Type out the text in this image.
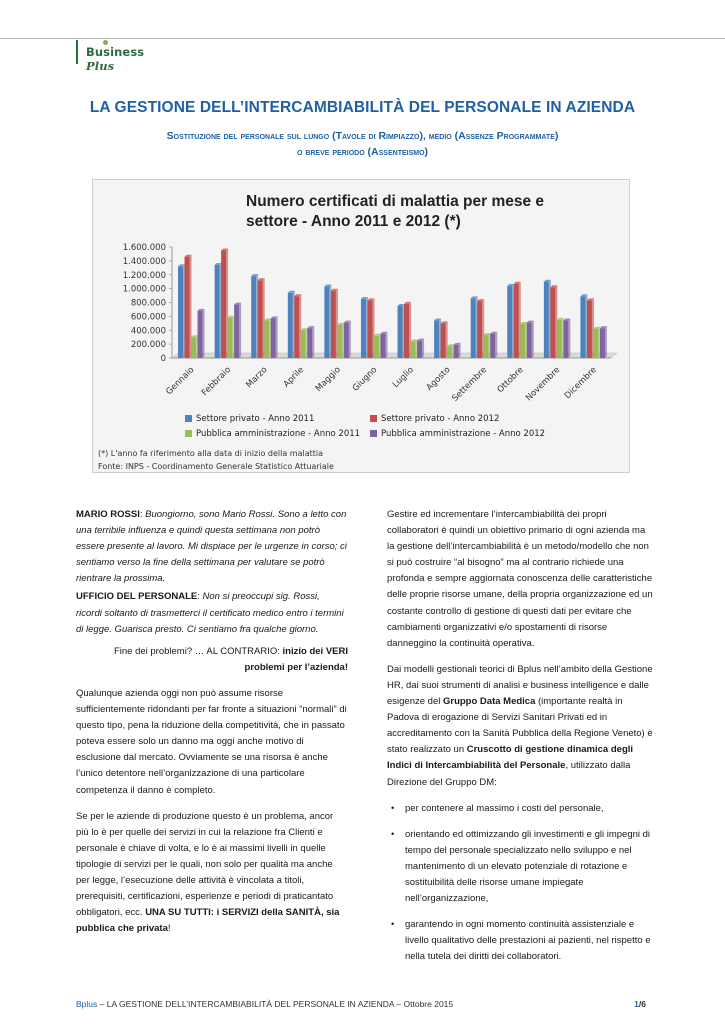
Business Plus
LA GESTIONE DELL’INTERCAMBIABILITÀ DEL PERSONALE IN AZIENDA
Sostituzione del personale sul lungo (Tavole di Rimpiazzo), medio (Assenze Programmate)
o breve periodo (Assenteismo)
Numero certificati di malattia per mese e
settore - Anno 2011 e 2012 (*)
1.600.000
1.400.000
1.200.000
1.000.000
800.000
600.000
400.000
200.000
0
Gennaio Febbraio Marzo Aprile Maggio Giugno Luglio Agosto
Settembre Ottobre
Novembre Dicembre
Settore privato - Anno 2011	Settore privato - Anno 2012
Pubblica amministrazione - Anno 2011 Pubblica amministrazione - Anno 2012
(*) L'anno fa riferimento alla data di inizio della malattia
Fonte: INPS - Coordinamento Generale Statistico Attuariale
MARIO ROSSI: Buongiorno, sono Mario Rossi. Sono a letto con una terribile influenza e quindi questa settimana non potrò essere presente al lavoro. Mi dispiace per le urgenze in corso; ci sentiamo verso la fine della settimana per valutare se potrò rientrare la prossima.
UFFICIO DEL PERSONALE: Non si preoccupi sig. Rossi, ricordi soltanto di trasmetterci il certificato medico entro i termini di legge. Guarisca presto. Ci sentiamo fra qualche giorno.

Fine dei problemi? … AL CONTRARIO: inizio dei VERI problemi per l’azienda!

Qualunque azienda oggi non può assume risorse sufficientemente ridondanti per far fronte a situazioni “normali” di questo tipo, pena la riduzione della competitività, che in passato poteva essere solo un danno ma oggi anche motivo di esclusione dal mercato. Ovviamente se una risorsa è anche l’unico detentore nell’organizzazione di una particolare competenza il danno è completo.

Se per le aziende di produzione questo è un problema, ancor più lo è per quelle dei servizi in cui la relazione fra Clienti e personale è chiave di volta, e lo è ai massimi livelli in quelle tipologie di servizi per le quali, non solo per qualità ma anche per legge, l’esecuzione delle attività è vincolata a titoli, prerequisiti, certificazioni, esperienze e periodi di praticantato obbligatori, ecc. UNA SU TUTTI: i SERVIZI della SANITÀ, sia pubblica che privata!

Gestire ed incrementare l’intercambiabilità dei propri collaboratori è quindi un obiettivo primario di ogni azienda ma la gestione dell’intercambiabilità è un metodo/modello che non si può costruire “al bisogno” ma al contrario richiede una profonda e sempre aggiornata conoscenza delle caratteristiche delle proprie risorse umane, della propria organizzazione ed un costante controllo di gestione di questi dati per evitare che cambiamenti organizzativi e/o spostamenti di risorse danneggino la continuità operativa.

Dai modelli gestionali teorici di Bplus nell’ambito della Gestione HR, dai suoi strumenti di analisi e business intelligence e dalle esigenze del Gruppo Data Medica (importante realtà in Padova di erogazione di Servizi Sanitari Privati ed in accreditamento con la Sanità Pubblica della Regione Veneto) è stato realizzato un Cruscotto di gestione dinamica degli Indici di Intercambiabilità del Personale, utilizzato dalla Direzione del Gruppo DM:

• per contenere al massimo i costi del personale,
• orientando ed ottimizzando gli investimenti e gli impegni di tempo del personale specializzato nello sviluppo e nel mantenimento di un elevato potenziale di rotazione e sostituibilità delle risorse umane impiegate nell’organizzazione,
• garantendo in ogni momento continuità assistenziale e livello qualitativo delle prestazioni ai pazienti, nel rispetto e nella tutela dei diritti dei collaboratori.
Bplus – LA GESTIONE DELL’INTERCAMBIABILITÀ DEL PERSONALE IN AZIENDA – Ottobre 2015	1/6
